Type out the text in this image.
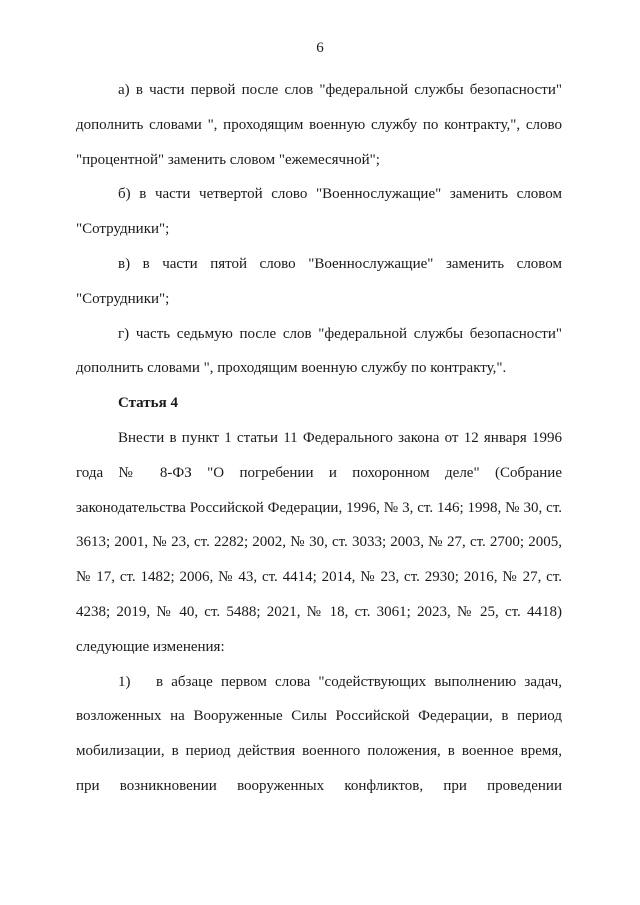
6

а) в части первой после слов "федеральной службы безопасности" дополнить словами ", проходящим военную службу по контракту,", слово "процентной" заменить словом "ежемесячной";

б) в части четвертой слово "Военнослужащие" заменить словом "Сотрудники";

в) в части пятой слово "Военнослужащие" заменить словом "Сотрудники";

г) часть седьмую после слов "федеральной службы безопасности" дополнить словами ", проходящим военную службу по контракту,".

Статья 4

Внести в пункт 1 статьи 11 Федерального закона от 12 января 1996 года № 8-ФЗ "О погребении и похоронном деле" (Собрание законодательства Российской Федерации, 1996, № 3, ст. 146; 1998, № 30, ст. 3613; 2001, № 23, ст. 2282; 2002, № 30, ст. 3033; 2003, № 27, ст. 2700; 2005, № 17, ст. 1482; 2006, № 43, ст. 4414; 2014, № 23, ст. 2930; 2016, № 27, ст. 4238; 2019, № 40, ст. 5488; 2021, № 18, ст. 3061; 2023, № 25, ст. 4418) следующие изменения:

1) в абзаце первом слова "содействующих выполнению задач, возложенных на Вооруженные Силы Российской Федерации, в период мобилизации, в период действия военного положения, в военное время, при возникновении вооруженных конфликтов, при проведении
